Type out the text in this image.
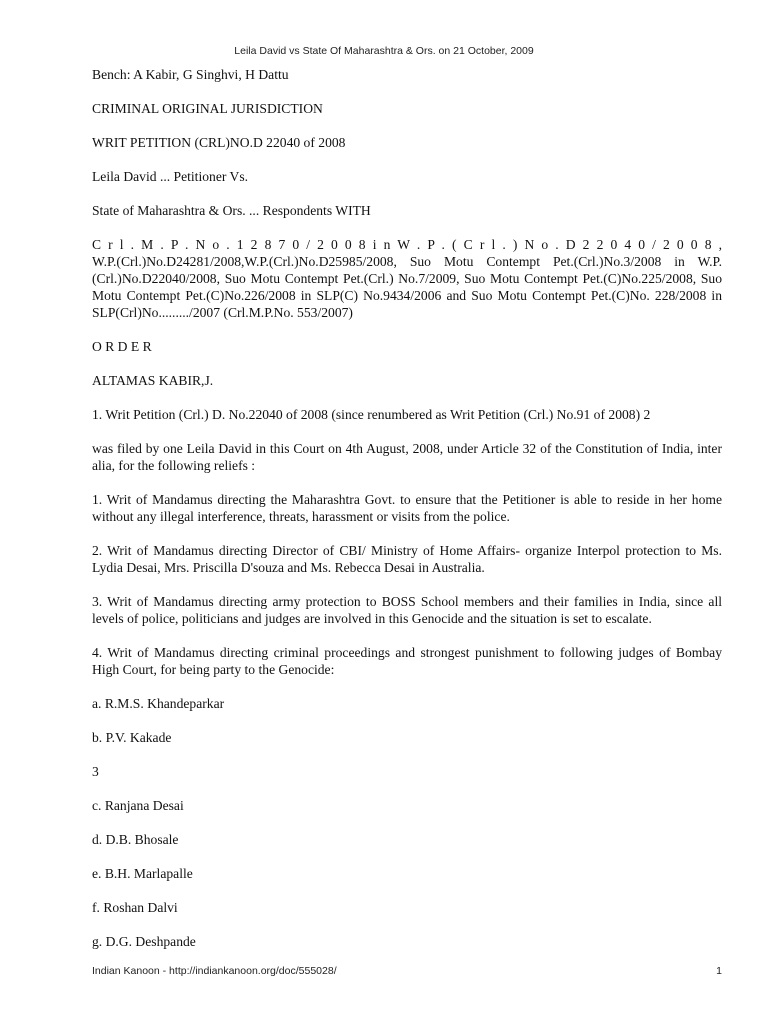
Leila David vs State Of Maharashtra & Ors. on 21 October, 2009

Bench: A Kabir, G Singhvi, H Dattu

CRIMINAL ORIGINAL JURISDICTION

WRIT PETITION (CRL)NO.D 22040 of 2008

Leila David ... Petitioner Vs.

State of Maharashtra & Ors. ... Respondents WITH

C r l . M . P . N o . 1 2 8 7 0 / 2 0 0 8 i n W . P . ( C r l . ) N o . D 2 2 0 4 0 / 2 0 0 8 ,
W.P.(Crl.)No.D24281/2008,W.P.(Crl.)No.D25985/2008, Suo Motu Contempt Pet.(Crl.)No.3/2008 in W.P. (Crl.)No.D22040/2008, Suo Motu Contempt Pet.(Crl.) No.7/2009, Suo Motu Contempt Pet.(C)No.225/2008, Suo Motu Contempt Pet.(C)No.226/2008 in SLP(C) No.9434/2006 and Suo Motu Contempt Pet.(C)No. 228/2008 in SLP(Crl)No........./2007 (Crl.M.P.No. 553/2007)

O R D E R

ALTAMAS KABIR,J.

1. Writ Petition (Crl.) D. No.22040 of 2008 (since renumbered as Writ Petition (Crl.) No.91 of 2008) 2

was filed by one Leila David in this Court on 4th August, 2008, under Article 32 of the Constitution of India, inter alia, for the following reliefs :

1. Writ of Mandamus directing the Maharashtra Govt. to ensure that the Petitioner is able to reside in her home without any illegal interference, threats, harassment or visits from the police.

2. Writ of Mandamus directing Director of CBI/ Ministry of Home Affairs- organize Interpol protection to Ms. Lydia Desai, Mrs. Priscilla D'souza and Ms. Rebecca Desai in Australia.

3. Writ of Mandamus directing army protection to BOSS School members and their families in India, since all levels of police, politicians and judges are involved in this Genocide and the situation is set to escalate.

4. Writ of Mandamus directing criminal proceedings and strongest punishment to following judges of Bombay High Court, for being party to the Genocide:

a. R.M.S. Khandeparkar

b. P.V. Kakade

3

c. Ranjana Desai

d. D.B. Bhosale

e. B.H. Marlapalle

f. Roshan Dalvi

g. D.G. Deshpande

Indian Kanoon - http://indiankanoon.org/doc/555028/	1
